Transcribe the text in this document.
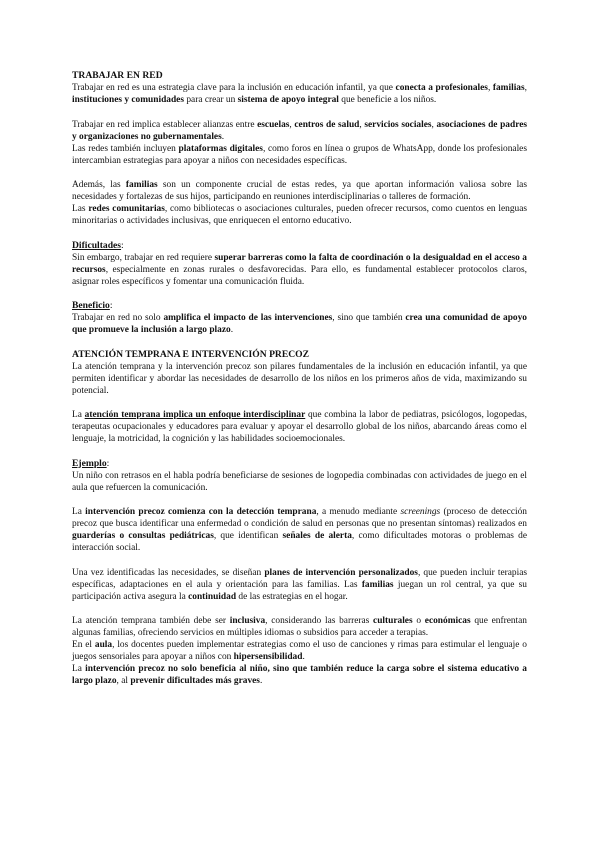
TRABAJAR EN RED

Trabajar en red es una estrategia clave para la inclusión en educación infantil, ya que conecta a profesionales, familias, instituciones y comunidades para crear un sistema de apoyo integral que beneficie a los niños.

Trabajar en red implica establecer alianzas entre escuelas, centros de salud, servicios sociales, asociaciones de padres y organizaciones no gubernamentales.

Las redes también incluyen plataformas digitales, como foros en línea o grupos de WhatsApp, donde los profesionales intercambian estrategias para apoyar a niños con necesidades específicas.

Además, las familias son un componente crucial de estas redes, ya que aportan información valiosa sobre las necesidades y fortalezas de sus hijos, participando en reuniones interdisciplinarias o talleres de formación.

Las redes comunitarias, como bibliotecas o asociaciones culturales, pueden ofrecer recursos, como cuentos en lenguas minoritarias o actividades inclusivas, que enriquecen el entorno educativo.

Dificultades:

Sin embargo, trabajar en red requiere superar barreras como la falta de coordinación o la desigualdad en el acceso a recursos, especialmente en zonas rurales o desfavorecidas. Para ello, es fundamental establecer protocolos claros, asignar roles específicos y fomentar una comunicación fluida.

Beneficio:

Trabajar en red no solo amplifica el impacto de las intervenciones, sino que también crea una comunidad de apoyo que promueve la inclusión a largo plazo.

ATENCIÓN TEMPRANA E INTERVENCIÓN PRECOZ

La atención temprana y la intervención precoz son pilares fundamentales de la inclusión en educación infantil, ya que permiten identificar y abordar las necesidades de desarrollo de los niños en los primeros años de vida, maximizando su potencial.

La atención temprana implica un enfoque interdisciplinar que combina la labor de pediatras, psicólogos, logopedas, terapeutas ocupacionales y educadores para evaluar y apoyar el desarrollo global de los niños, abarcando áreas como el lenguaje, la motricidad, la cognición y las habilidades socioemocionales.

Ejemplo:

Un niño con retrasos en el habla podría beneficiarse de sesiones de logopedia combinadas con actividades de juego en el aula que refuercen la comunicación.

La intervención precoz comienza con la detección temprana, a menudo mediante screenings (proceso de detección precoz que busca identificar una enfermedad o condición de salud en personas que no presentan síntomas) realizados en guarderías o consultas pediátricas, que identifican señales de alerta, como dificultades motoras o problemas de interacción social.

Una vez identificadas las necesidades, se diseñan planes de intervención personalizados, que pueden incluir terapias específicas, adaptaciones en el aula y orientación para las familias. Las familias juegan un rol central, ya que su participación activa asegura la continuidad de las estrategias en el hogar.

La atención temprana también debe ser inclusiva, considerando las barreras culturales o económicas que enfrentan algunas familias, ofreciendo servicios en múltiples idiomas o subsidios para acceder a terapias.

En el aula, los docentes pueden implementar estrategias como el uso de canciones y rimas para estimular el lenguaje o juegos sensoriales para apoyar a niños con hipersensibilidad.

La intervención precoz no solo beneficia al niño, sino que también reduce la carga sobre el sistema educativo a largo plazo, al prevenir dificultades más graves.
